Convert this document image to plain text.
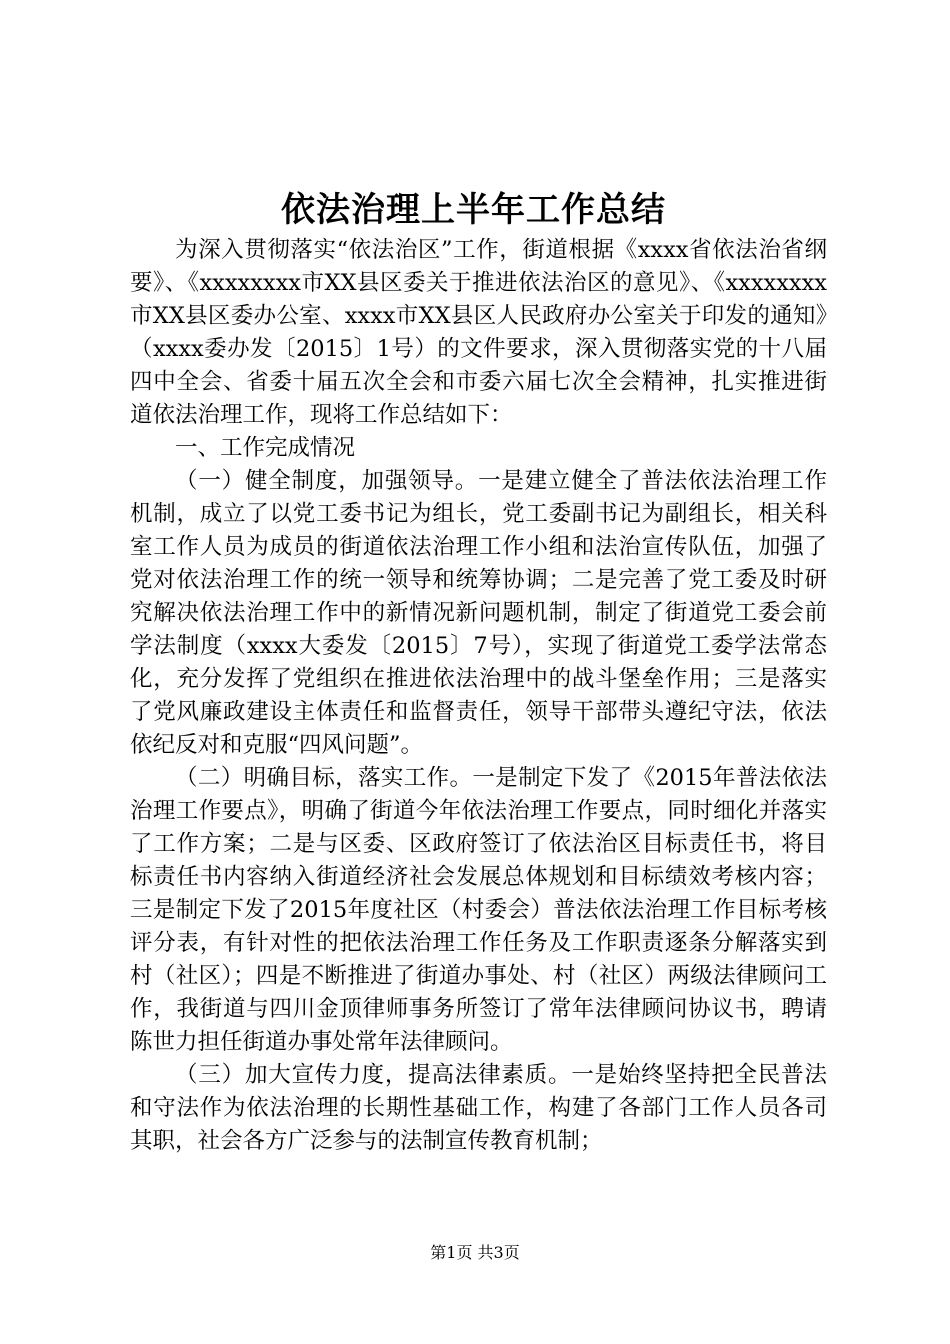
依法治理上半年工作总结

为深入贯彻落实“依法治区”工作，街道根据《xxxx省依法治省纲要》、《xxxxxxxx市XX县区委关于推进依法治区的意见》、《xxxxxxxx市XX县区委办公室、xxxx市XX县区人民政府办公室关于印发的通知》（xxxx委办发〔2015〕1号）的文件要求，深入贯彻落实党的十八届四中全会、省委十届五次全会和市委六届七次全会精神，扎实推进街道依法治理工作，现将工作总结如下：

一、工作完成情况

（一）健全制度，加强领导。一是建立健全了普法依法治理工作机制，成立了以党工委书记为组长，党工委副书记为副组长，相关科室工作人员为成员的街道依法治理工作小组和法治宣传队伍，加强了党对依法治理工作的统一领导和统筹协调；二是完善了党工委及时研究解决依法治理工作中的新情况新问题机制，制定了街道党工委会前学法制度（xxxx大委发〔2015〕7号），实现了街道党工委学法常态化，充分发挥了党组织在推进依法治理中的战斗堡垒作用；三是落实了党风廉政建设主体责任和监督责任，领导干部带头遵纪守法，依法依纪反对和克服“四风问题”。

（二）明确目标，落实工作。一是制定下发了《2015年普法依法治理工作要点》，明确了街道今年依法治理工作要点，同时细化并落实了工作方案；二是与区委、区政府签订了依法治区目标责任书，将目标责任书内容纳入街道经济社会发展总体规划和目标绩效考核内容；三是制定下发了2015年度社区（村委会）普法依法治理工作目标考核评分表，有针对性的把依法治理工作任务及工作职责逐条分解落实到村（社区）；四是不断推进了街道办事处、村（社区）两级法律顾问工作，我街道与四川金顶律师事务所签订了常年法律顾问协议书，聘请陈世力担任街道办事处常年法律顾问。

（三）加大宣传力度，提高法律素质。一是始终坚持把全民普法和守法作为依法治理的长期性基础工作，构建了各部门工作人员各司其职，社会各方广泛参与的法制宣传教育机制；

第1页 共3页
